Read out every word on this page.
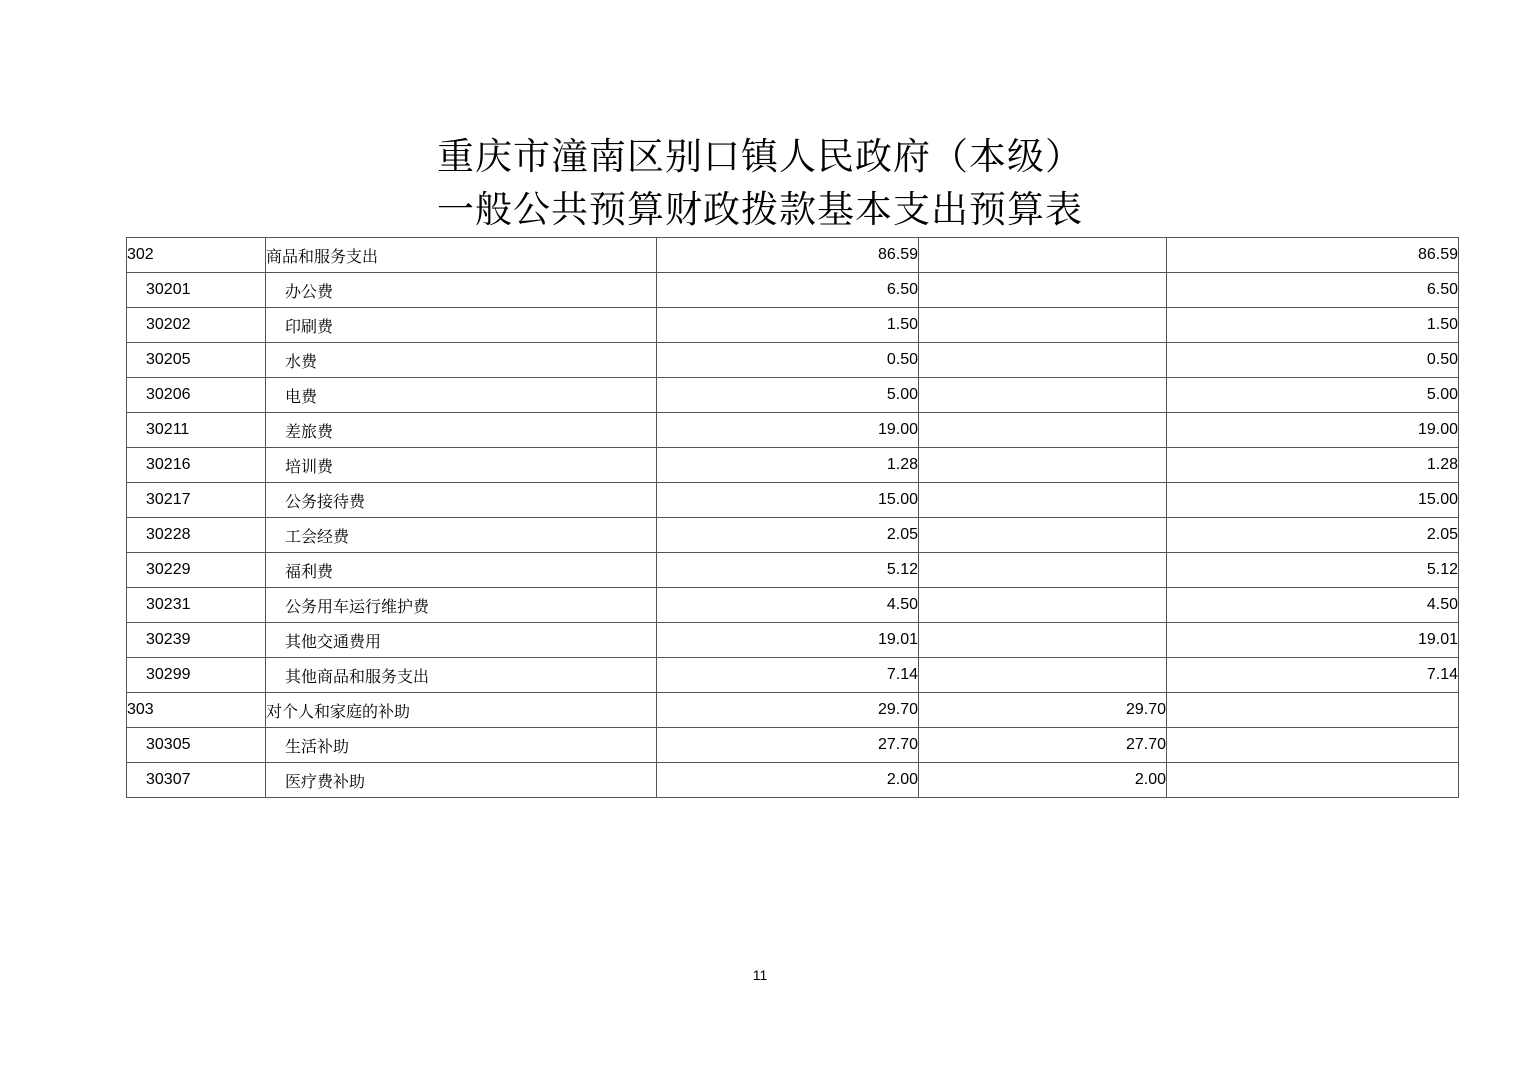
重庆市潼南区别口镇人民政府（本级）
一般公共预算财政拨款基本支出预算表
302	商品和服务支出	86.59		86.59
30201	办公费	6.50		6.50
30202	印刷费	1.50		1.50
30205	水费	0.50		0.50
30206	电费	5.00		5.00
30211	差旅费	19.00		19.00
30216	培训费	1.28		1.28
30217	公务接待费	15.00		15.00
30228	工会经费	2.05		2.05
30229	福利费	5.12		5.12
30231	公务用车运行维护费	4.50		4.50
30239	其他交通费用	19.01		19.01
30299	其他商品和服务支出	7.14		7.14
303	对个人和家庭的补助	29.70	29.70	
30305	生活补助	27.70	27.70	
30307	医疗费补助	2.00	2.00	
11
